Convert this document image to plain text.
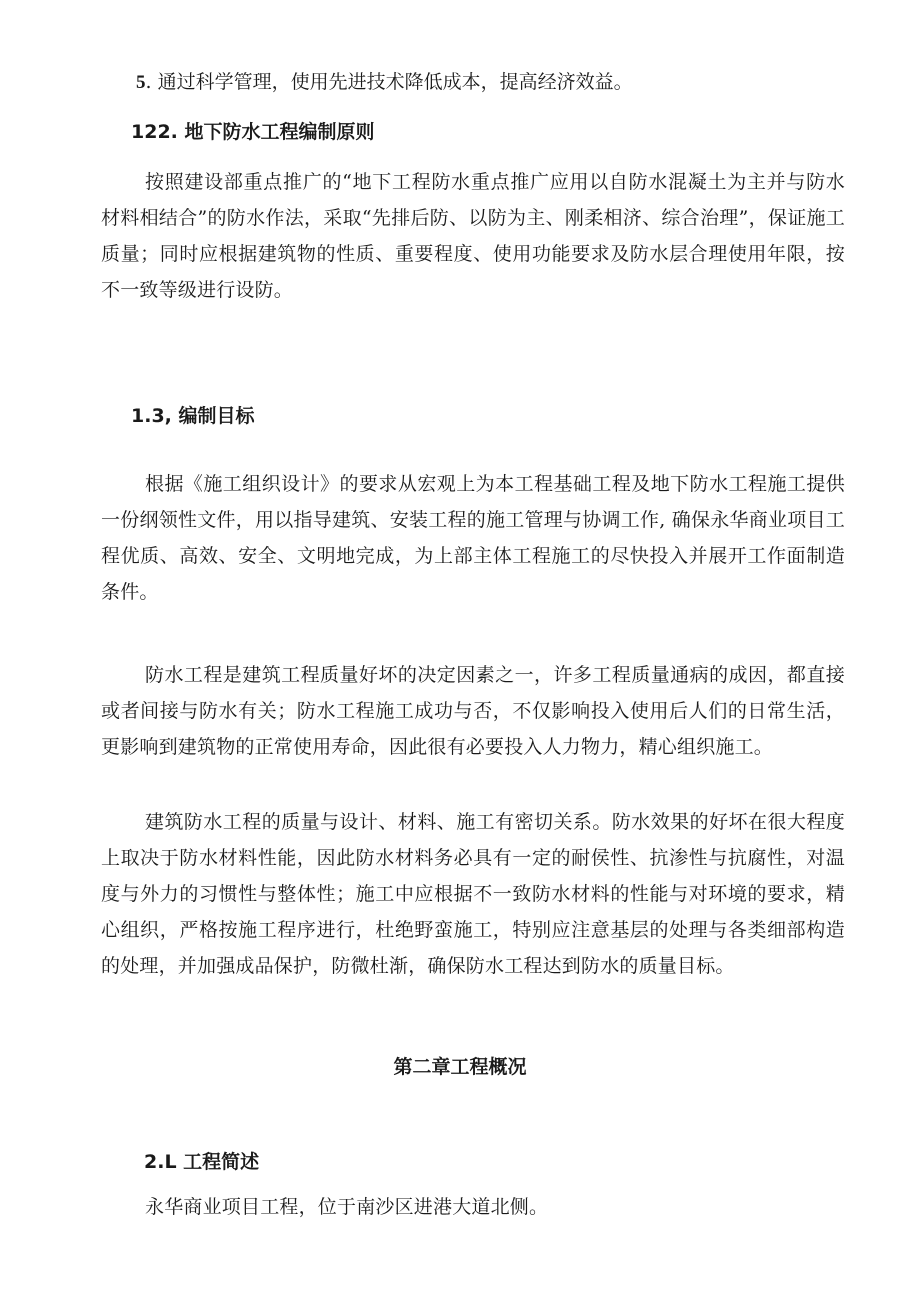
5. 通过科学管理，使用先进技术降低成本，提高经济效益。

122. 地下防水工程编制原则

按照建设部重点推广的“地下工程防水重点推广应用以自防水混凝土为主并与防水材料相结合”的防水作法，采取“先排后防、以防为主、刚柔相济、综合治理”，保证施工质量；同时应根据建筑物的性质、重要程度、使用功能要求及防水层合理使用年限，按不一致等级进行设防。

1.3, 编制目标

根据《施工组织设计》的要求从宏观上为本工程基础工程及地下防水工程施工提供一份纲领性文件，用以指导建筑、安装工程的施工管理与协调工作, 确保永华商业项目工程优质、高效、安全、文明地完成，为上部主体工程施工的尽快投入并展开工作面制造条件。

防水工程是建筑工程质量好坏的决定因素之一，许多工程质量通病的成因，都直接或者间接与防水有关；防水工程施工成功与否，不仅影响投入使用后人们的日常生活，更影响到建筑物的正常使用寿命，因此很有必要投入人力物力，精心组织施工。

建筑防水工程的质量与设计、材料、施工有密切关系。防水效果的好坏在很大程度上取决于防水材料性能，因此防水材料务必具有一定的耐侯性、抗渗性与抗腐性，对温度与外力的习惯性与整体性；施工中应根据不一致防水材料的性能与对环境的要求，精心组织，严格按施工程序进行，杜绝野蛮施工，特别应注意基层的处理与各类细部构造的处理，并加强成品保护，防微杜渐，确保防水工程达到防水的质量目标。

第二章工程概况
2.L 工程简述

永华商业项目工程，位于南沙区进港大道北侧。
